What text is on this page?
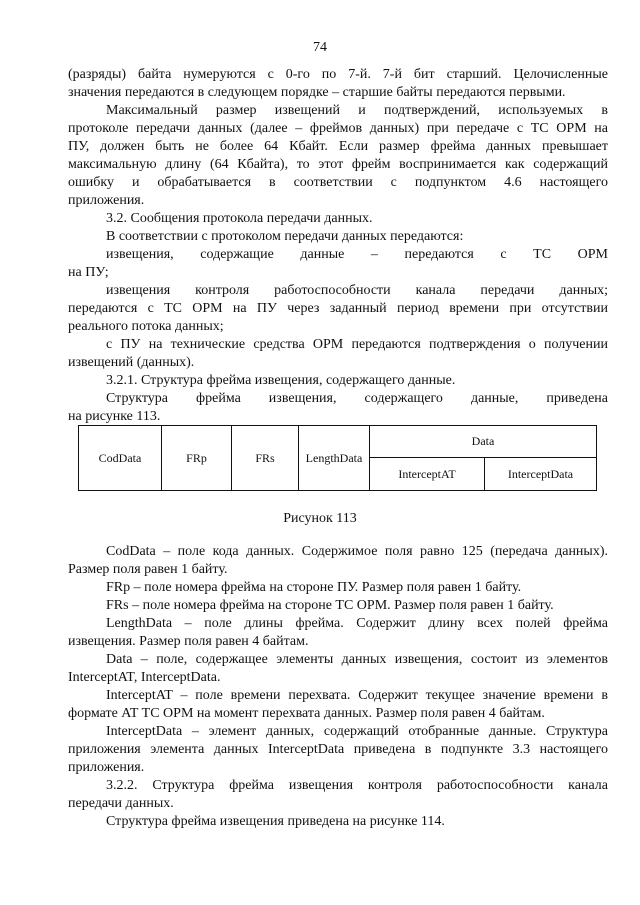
74
(разряды) байта нумеруются с 0-го по 7-й. 7-й бит старший. Целочисленные
значения передаются в следующем порядке – старшие байты передаются первыми.
Максимальный размер извещений и подтверждений, используемых в
протоколе передачи данных (далее – фреймов данных) при передаче с ТС ОРМ на
ПУ, должен быть не более 64 Кбайт. Если размер фрейма данных превышает
максимальную длину (64 Кбайта), то этот фрейм воспринимается как содержащий
ошибку и обрабатывается в соответствии с подпунктом 4.6 настоящего
приложения.
3.2. Сообщения протокола передачи данных.
В соответствии с протоколом передачи данных передаются:
извещения, содержащие данные – передаются с ТС ОРМ
на ПУ;
извещения контроля работоспособности канала передачи данных;
передаются с ТС ОРМ на ПУ через заданный период времени при отсутствии
реального потока данных;
с ПУ на технические средства ОРМ передаются подтверждения о получении
извещений (данных).
3.2.1. Структура фрейма извещения, содержащего данные.
Структура фрейма извещения, содержащего данные, приведена
на рисунке 113.
CodData	FRp	FRs	LengthData
Data
InterceptAT	InterceptData
Рисунок 113
CodData – поле кода данных. Содержимое поля равно 125 (передача данных).
Размер поля равен 1 байту.
FRp – поле номера фрейма на стороне ПУ. Размер поля равен 1 байту.
FRs – поле номера фрейма на стороне ТС ОРМ. Размер поля равен 1 байту.
LengthData – поле длины фрейма. Содержит длину всех полей фрейма
извещения. Размер поля равен 4 байтам.
Data – поле, содержащее элементы данных извещения, состоит из элементов
InterceptAT, InterceptData.
InterceptAT – поле времени перехвата. Содержит текущее значение времени в
формате AT ТС ОРМ на момент перехвата данных. Размер поля равен 4 байтам.
InterceptData – элемент данных, содержащий отобранные данные. Структура
приложения элемента данных InterceptData приведена в подпункте 3.3 настоящего
приложения.
3.2.2. Структура фрейма извещения контроля работоспособности канала
передачи данных.
Структура фрейма извещения приведена на рисунке 114.
